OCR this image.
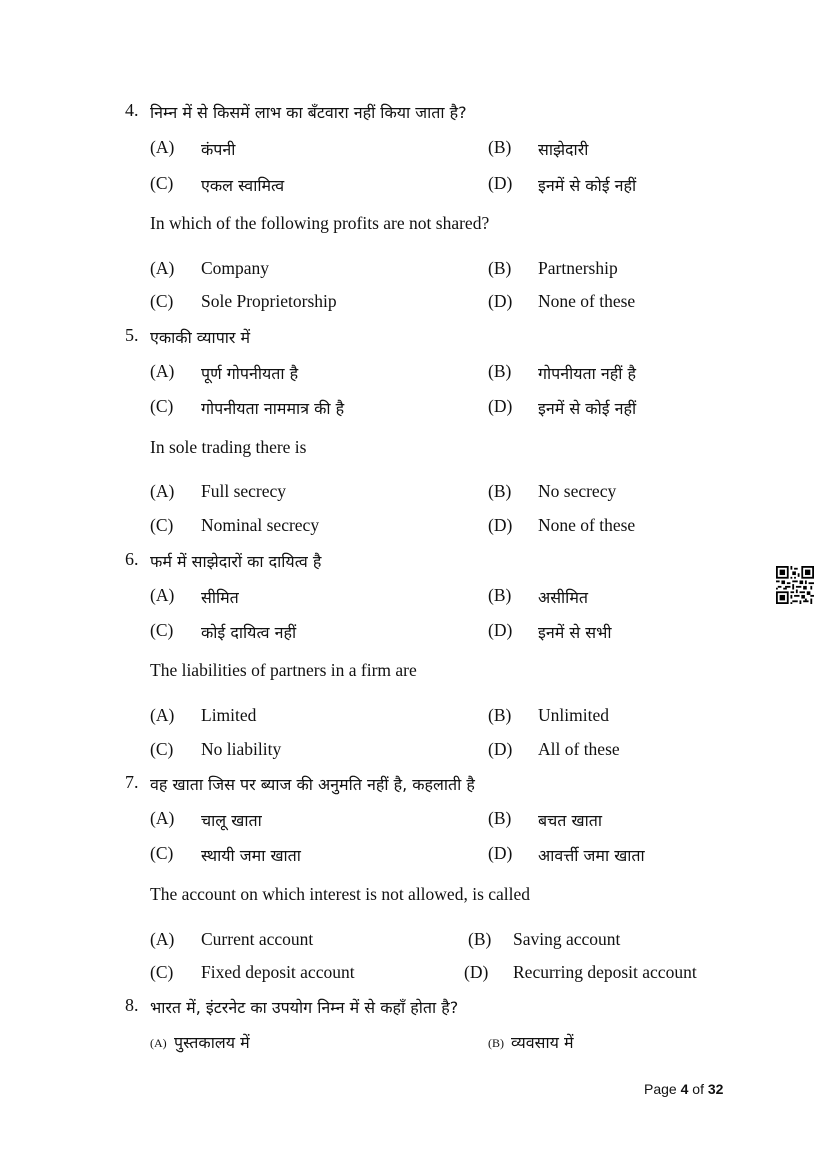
4. निम्न में से किसमें लाभ का बँटवारा नहीं किया जाता है?
(A) कंपनी	(B) साझेदारी
(C) एकल स्वामित्व	(D) इनमें से कोई नहीं
In which of the following profits are not shared?
(A) Company	(B) Partnership
(C) Sole Proprietorship	(D) None of these
5. एकाकी व्यापार में
(A) पूर्ण गोपनीयता है	(B) गोपनीयता नहीं है
(C) गोपनीयता नाममात्र की है	(D) इनमें से कोई नहीं
In sole trading there is
(A) Full secrecy	(B) No secrecy
(C) Nominal secrecy	(D) None of these
6. फर्म में साझेदारों का दायित्व है
(A) सीमित	(B) असीमित
(C) कोई दायित्व नहीं	(D) इनमें से सभी
The liabilities of partners in a firm are
(A) Limited	(B) Unlimited
(C) No liability	(D) All of these
7. वह खाता जिस पर ब्याज की अनुमति नहीं है, कहलाती है
(A) चालू खाता	(B) बचत खाता
(C) स्थायी जमा खाता	(D) आवर्त्ती जमा खाता
The account on which interest is not allowed, is called
(A) Current account	(B) Saving account
(C) Fixed deposit account	(D) Recurring deposit account
8. भारत में, इंटरनेट का उपयोग निम्न में से कहाँ होता है?
(A) पुस्तकालय में	(B) व्यवसाय में
Page 4 of 32
